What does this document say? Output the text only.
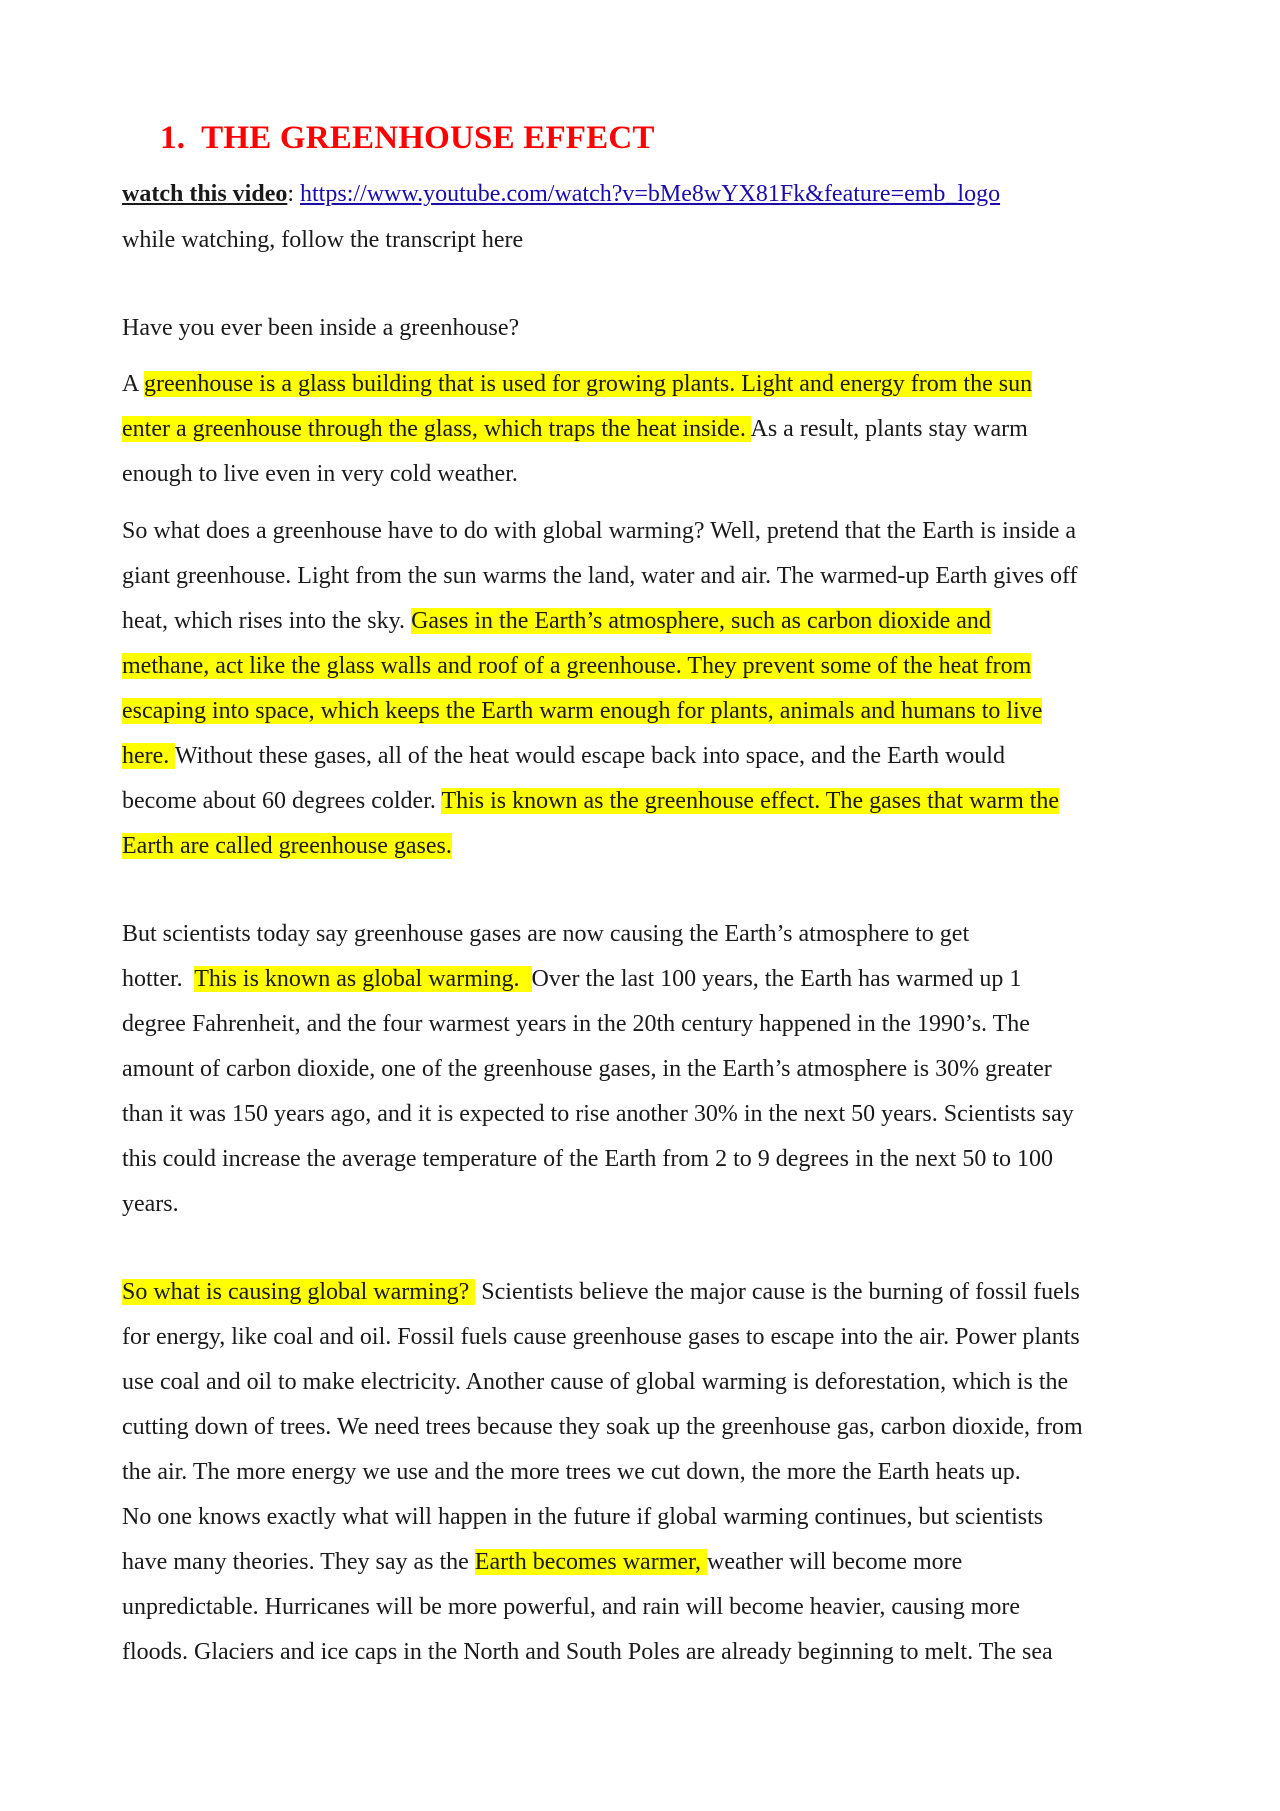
1. THE GREENHOUSE EFFECT

watch this video: https://www.youtube.com/watch?v=bMe8wYX81Fk&feature=emb_logo

while watching, follow the transcript here

Have you ever been inside a greenhouse?

A greenhouse is a glass building that is used for growing plants. Light and energy from the sun
enter a greenhouse through the glass, which traps the heat inside. As a result, plants stay warm
enough to live even in very cold weather.
So what does a greenhouse have to do with global warming? Well, pretend that the Earth is inside a
giant greenhouse. Light from the sun warms the land, water and air. The warmed-up Earth gives off
heat, which rises into the sky. Gases in the Earth’s atmosphere, such as carbon dioxide and
methane, act like the glass walls and roof of a greenhouse. They prevent some of the heat from
escaping into space, which keeps the Earth warm enough for plants, animals and humans to live
here. Without these gases, all of the heat would escape back into space, and the Earth would
become about 60 degrees colder. This is known as the greenhouse effect. The gases that warm the
Earth are called greenhouse gases.
But scientists today say greenhouse gases are now causing the Earth’s atmosphere to get
hotter.  This is known as global warming.  Over the last 100 years, the Earth has warmed up 1
degree Fahrenheit, and the four warmest years in the 20th century happened in the 1990’s. The
amount of carbon dioxide, one of the greenhouse gases, in the Earth’s atmosphere is 30% greater
than it was 150 years ago, and it is expected to rise another 30% in the next 50 years. Scientists say
this could increase the average temperature of the Earth from 2 to 9 degrees in the next 50 to 100
years.
So what is causing global warming?  Scientists believe the major cause is the burning of fossil fuels
for energy, like coal and oil. Fossil fuels cause greenhouse gases to escape into the air. Power plants
use coal and oil to make electricity. Another cause of global warming is deforestation, which is the
cutting down of trees. We need trees because they soak up the greenhouse gas, carbon dioxide, from
the air. The more energy we use and the more trees we cut down, the more the Earth heats up.
No one knows exactly what will happen in the future if global warming continues, but scientists
have many theories. They say as the Earth becomes warmer, weather will become more
unpredictable. Hurricanes will be more powerful, and rain will become heavier, causing more
floods. Glaciers and ice caps in the North and South Poles are already beginning to melt. The sea
